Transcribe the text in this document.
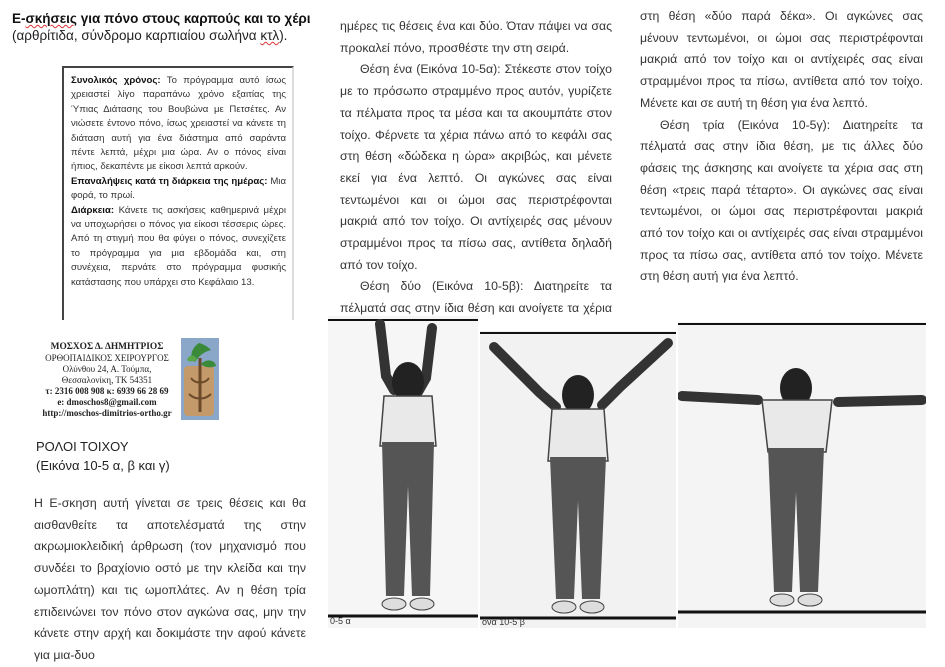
Ε-σκήσεις για πόνο στους καρπούς και το χέρι
(αρθρίτιδα, σύνδρομο καρπιαίου σωλήνα κτλ).

Συνολικός χρόνος: Το πρόγραμμα αυτό ίσως χρειαστεί λίγο παραπάνω χρόνο εξαιτίας της Ύπιας Διάτασης του Βουβώνα με Πετσέτες. Αν νιώσετε έντονο πόνο, ίσως χρειαστεί να κάνετε τη διάταση αυτή για ένα διάστημα από σαράντα πέντε λεπτά, μέχρι μια ώρα. Αν ο πόνος είναι ήπιος, δεκαπέντε με είκοσι λεπτά αρκούν.

Επαναλήψεις κατά τη διάρκεια της ημέρας: Μια φορά, το πρωί.

Διάρκεια: Κάνετε τις ασκήσεις καθημερινά μέχρι να υποχωρήσει ο πόνος για είκοσι τέσσερις ώρες. Από τη στιγμή που θα φύγει ο πόνος, συνεχίζετε το πρόγραμμα για μια εβδομάδα και, στη συνέχεια, περνάτε στο πρόγραμμα φυσικής κατάστασης που υπάρχει στο Κεφάλαιο 13.

ΜΟΣΧΟΣ Δ. ΔΗΜΗΤΡΙΟΣ
ΟΡΘΟΠΑΙΔΙΚΟΣ ΧΕΙΡΟΥΡΓΟΣ
Ολύνθου 24, Α. Τούμπα,
Θεσσαλονίκη, ΤΚ 54351
τ: 2316 008 908 κ: 6939 66 28 69
e: dmoschos8@gmail.com
http://moschos-dimitrios-ortho.gr
ΡΟΛΟΙ ΤΟΙΧΟΥ
(Εικόνα 10-5 α, β και γ)

Η Ε-σκηση αυτή γίνεται σε τρεις θέσεις και θα αισθανθείτε τα αποτελέσματά της στην ακρωμιοκλειδική άρθρωση (τον μηχανισμό που συνδέει το βραχίονιο οστό με την κλείδα και την ωμοπλάτη) και τις ωμοπλάτες. Αν η θέση τρία επιδεινώνει τον πόνο στον αγκώνα σας, μην την κάνετε στην αρχή και δοκιμάστε την αφού κάνετε για μια-δυο

ημέρες τις θέσεις ένα και δύο. Όταν πάψει να σας προκαλεί πόνο, προσθέστε την στη σειρά.

Θέση ένα (Εικόνα 10-5α): Στέκεστε στον τοίχο με το πρόσωπο στραμμένο προς αυτόν, γυρίζετε τα πέλματα προς τα μέσα και τα ακουμπάτε στον τοίχο. Φέρνετε τα χέρια πάνω από το κεφάλι σας στη θέση «δώδεκα η ώρα» ακριβώς, και μένετε εκεί για ένα λεπτό. Οι αγκώνες σας είναι τεντωμένοι και οι ώμοι σας περιστρέφονται μακριά από τον τοίχο. Οι αντίχειρές σας μένουν στραμμένοι προς τα πίσω σας, αντίθετα δηλαδή από τον τοίχο.

Θέση δύο (Εικόνα 10-5β): Διατηρείτε τα πέλματά σας στην ίδια θέση και ανοίγετε τα χέρια

στη θέση «δύο παρά δέκα». Οι αγκώνες σας μένουν τεντωμένοι, οι ώμοι σας περιστρέφονται μακριά από τον τοίχο και οι αντίχειρές σας είναι στραμμένοι προς τα πίσω, αντίθετα από τον τοίχο. Μένετε και σε αυτή τη θέση για ένα λεπτό.

Θέση τρία (Εικόνα 10-5γ): Διατηρείτε τα πέλματά σας στην ίδια θέση, με τις άλλες δύο φάσεις της άσκησης και ανοίγετε τα χέρια σας στη θέση «τρεις παρά τέταρτο». Οι αγκώνες σας είναι τεντωμένοι, οι ώμοι σας περιστρέφονται μακριά από τον τοίχο και οι αντίχειρές σας είναι στραμμένοι προς τα πίσω σας, αντίθετα από τον τοίχο. Μένετε στη θέση αυτή για ένα λεπτό.

0-5 α	όνα 10-5 β
